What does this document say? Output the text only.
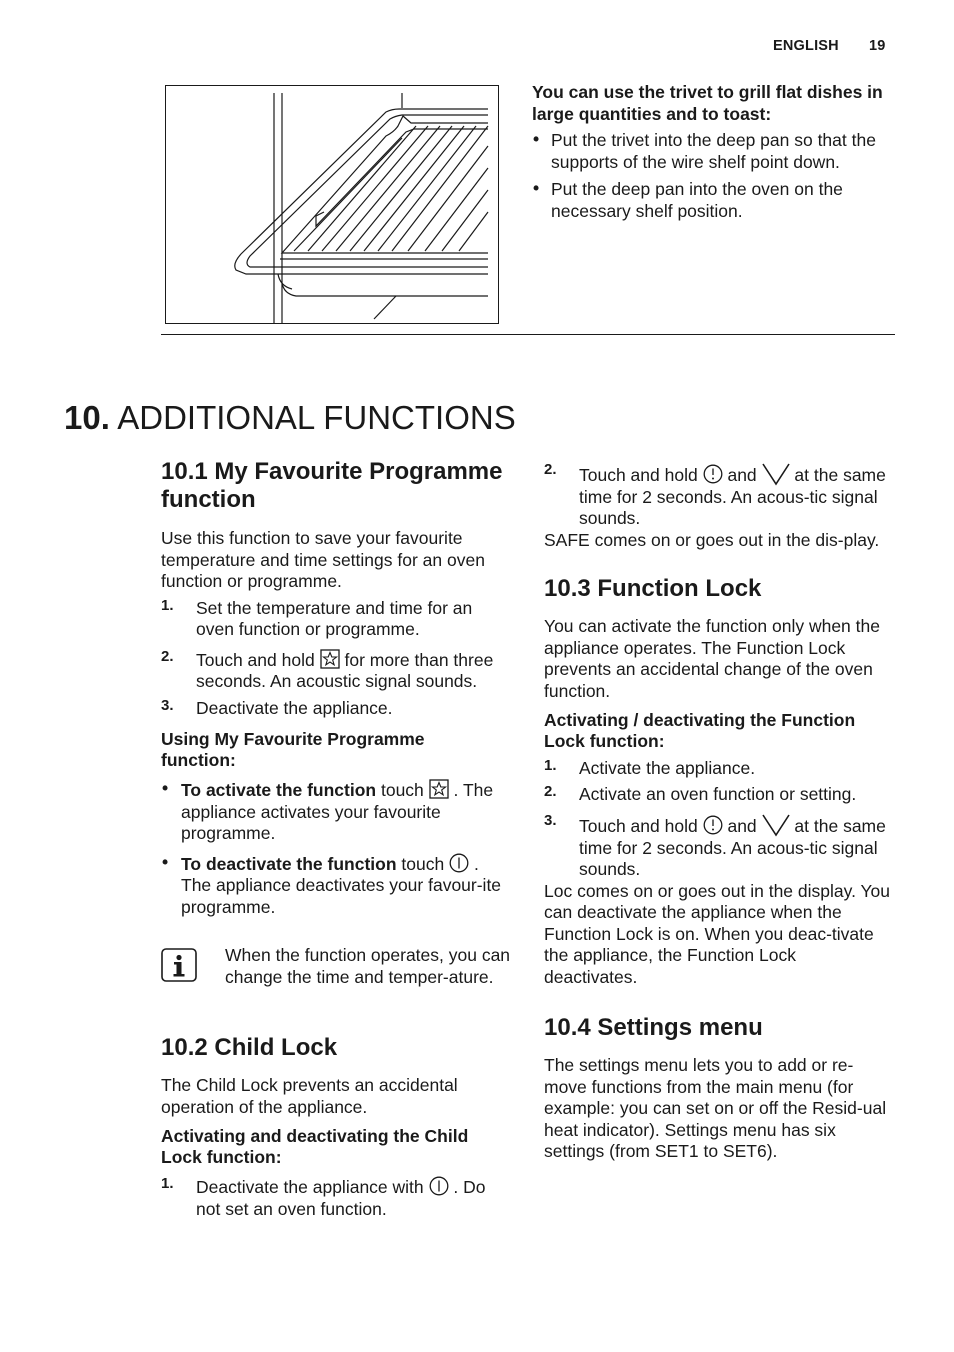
ENGLISH 19

You can use the trivet to grill flat dishes in large quantities and to toast:

• Put the trivet into the deep pan so that the supports of the wire shelf point down.
• Put the deep pan into the oven on the necessary shelf position.
10. ADDITIONAL FUNCTIONS
10.1 My Favourite Programme
function

Use this function to save your favourite temperature and time settings for an oven function or programme.

1. Set the temperature and time for an oven function or programme.
2. Touch and hold for more than three seconds. An acoustic signal sounds.
3. Deactivate the appliance.

Using My Favourite Programme function:

• To activate the function touch . The appliance activates your favourite programme.
• To deactivate the function touch . The appliance deactivates your favour-ite programme.

When the function operates, you can change the time and temper-ature.

10.2 Child Lock

The Child Lock prevents an accidental operation of the appliance.

Activating and deactivating the Child Lock function:

1. Deactivate the appliance with . Do not set an oven function.
2. Touch and hold and at the same time for 2 seconds. An acous-tic signal sounds.

SAFE comes on or goes out in the dis-play.

10.3 Function Lock

You can activate the function only when the appliance operates. The Function Lock prevents an accidental change of the oven function.

Activating / deactivating the Function Lock function:

1. Activate the appliance.
2. Activate an oven function or setting.
3. Touch and hold and at the same time for 2 seconds. An acous-tic signal sounds.

Loc comes on or goes out in the display. You can deactivate the appliance when the Function Lock is on. When you deac-tivate the appliance, the Function Lock deactivates.

10.4 Settings menu

The settings menu lets you to add or re-move functions from the main menu (for example: you can set on or off the Resid-ual heat indicator). Settings menu has six settings (from SET1 to SET6).
